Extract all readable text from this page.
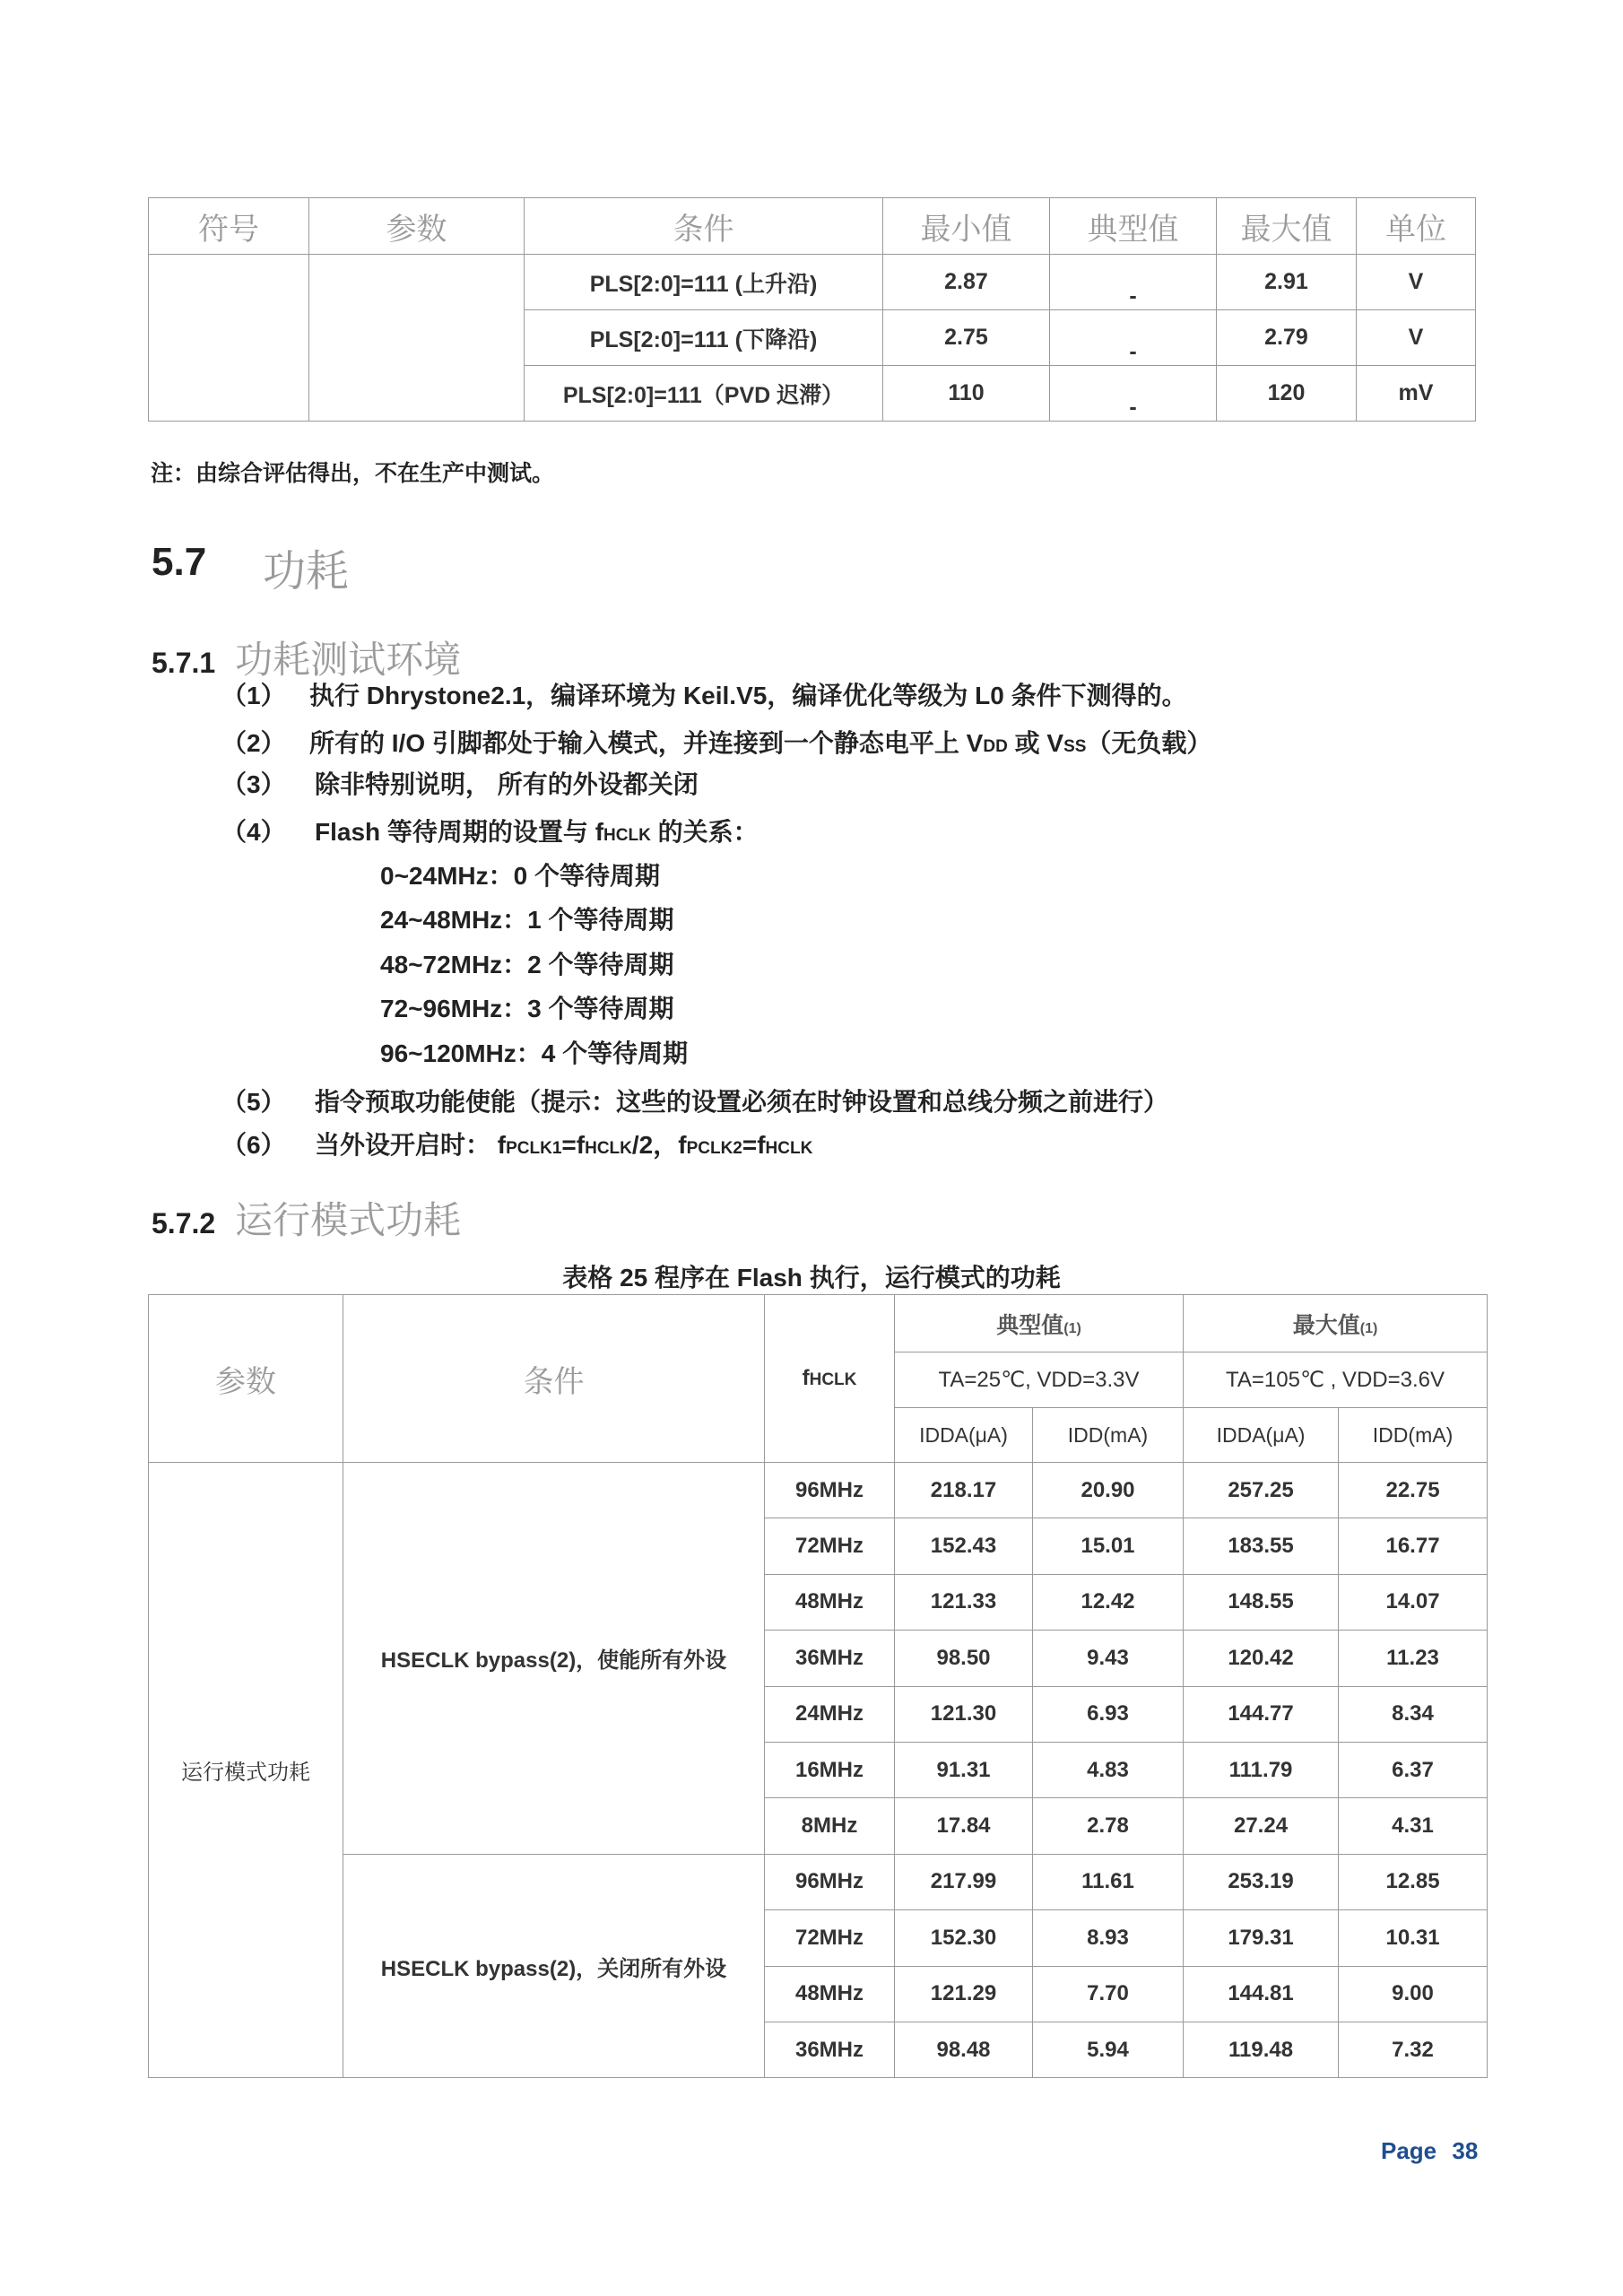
符号	参数	条件	最小值	典型值	最大值	单位
		PLS[2:0]=111 (上升沿)	2.87	-	2.91	V
		PLS[2:0]=111 (下降沿)	2.75	-	2.79	V
		PLS[2:0]=111（PVD 迟滞）	110	-	120	mV
注：由综合评估得出，不在生产中测试。
5.7 功耗
5.7.1 功耗测试环境
（1） 执行 Dhrystone2.1，编译环境为 Keil.V5，编译优化等级为 L0 条件下测得的。
（2） 所有的 I/O 引脚都处于输入模式，并连接到一个静态电平上 VDD 或 VSS（无负载）
（3） 除非特别说明， 所有的外设都关闭
（4） Flash 等待周期的设置与 fHCLK 的关系：
0~24MHz：0 个等待周期
24~48MHz：1 个等待周期
48~72MHz：2 个等待周期
72~96MHz：3 个等待周期
96~120MHz：4 个等待周期
（5） 指令预取功能使能（提示：这些的设置必须在时钟设置和总线分频之前进行）
（6） 当外设开启时： fPCLK1=fHCLK/2，fPCLK2=fHCLK
5.7.2 运行模式功耗
表格 25 程序在 Flash 执行，运行模式的功耗
参数	条件	fHCLK	典型值(1)		最大值(1)	
			TA=25℃, VDD=3.3V		TA=105℃ , VDD=3.6V	
			IDDA(μA)	IDD(mA)	IDDA(μA)	IDD(mA)
运行模式功耗	HSECLK bypass(2)，使能所有外设	96MHz	218.17	20.90	257.25	22.75
		72MHz	152.43	15.01	183.55	16.77
		48MHz	121.33	12.42	148.55	14.07
		36MHz	98.50	9.43	120.42	11.23
		24MHz	121.30	6.93	144.77	8.34
		16MHz	91.31	4.83	111.79	6.37
		8MHz	17.84	2.78	27.24	4.31
	HSECLK bypass(2)，关闭所有外设	96MHz	217.99	11.61	253.19	12.85
		72MHz	152.30	8.93	179.31	10.31
		48MHz	121.29	7.70	144.81	9.00
		36MHz	98.48	5.94	119.48	7.32
Page 38
